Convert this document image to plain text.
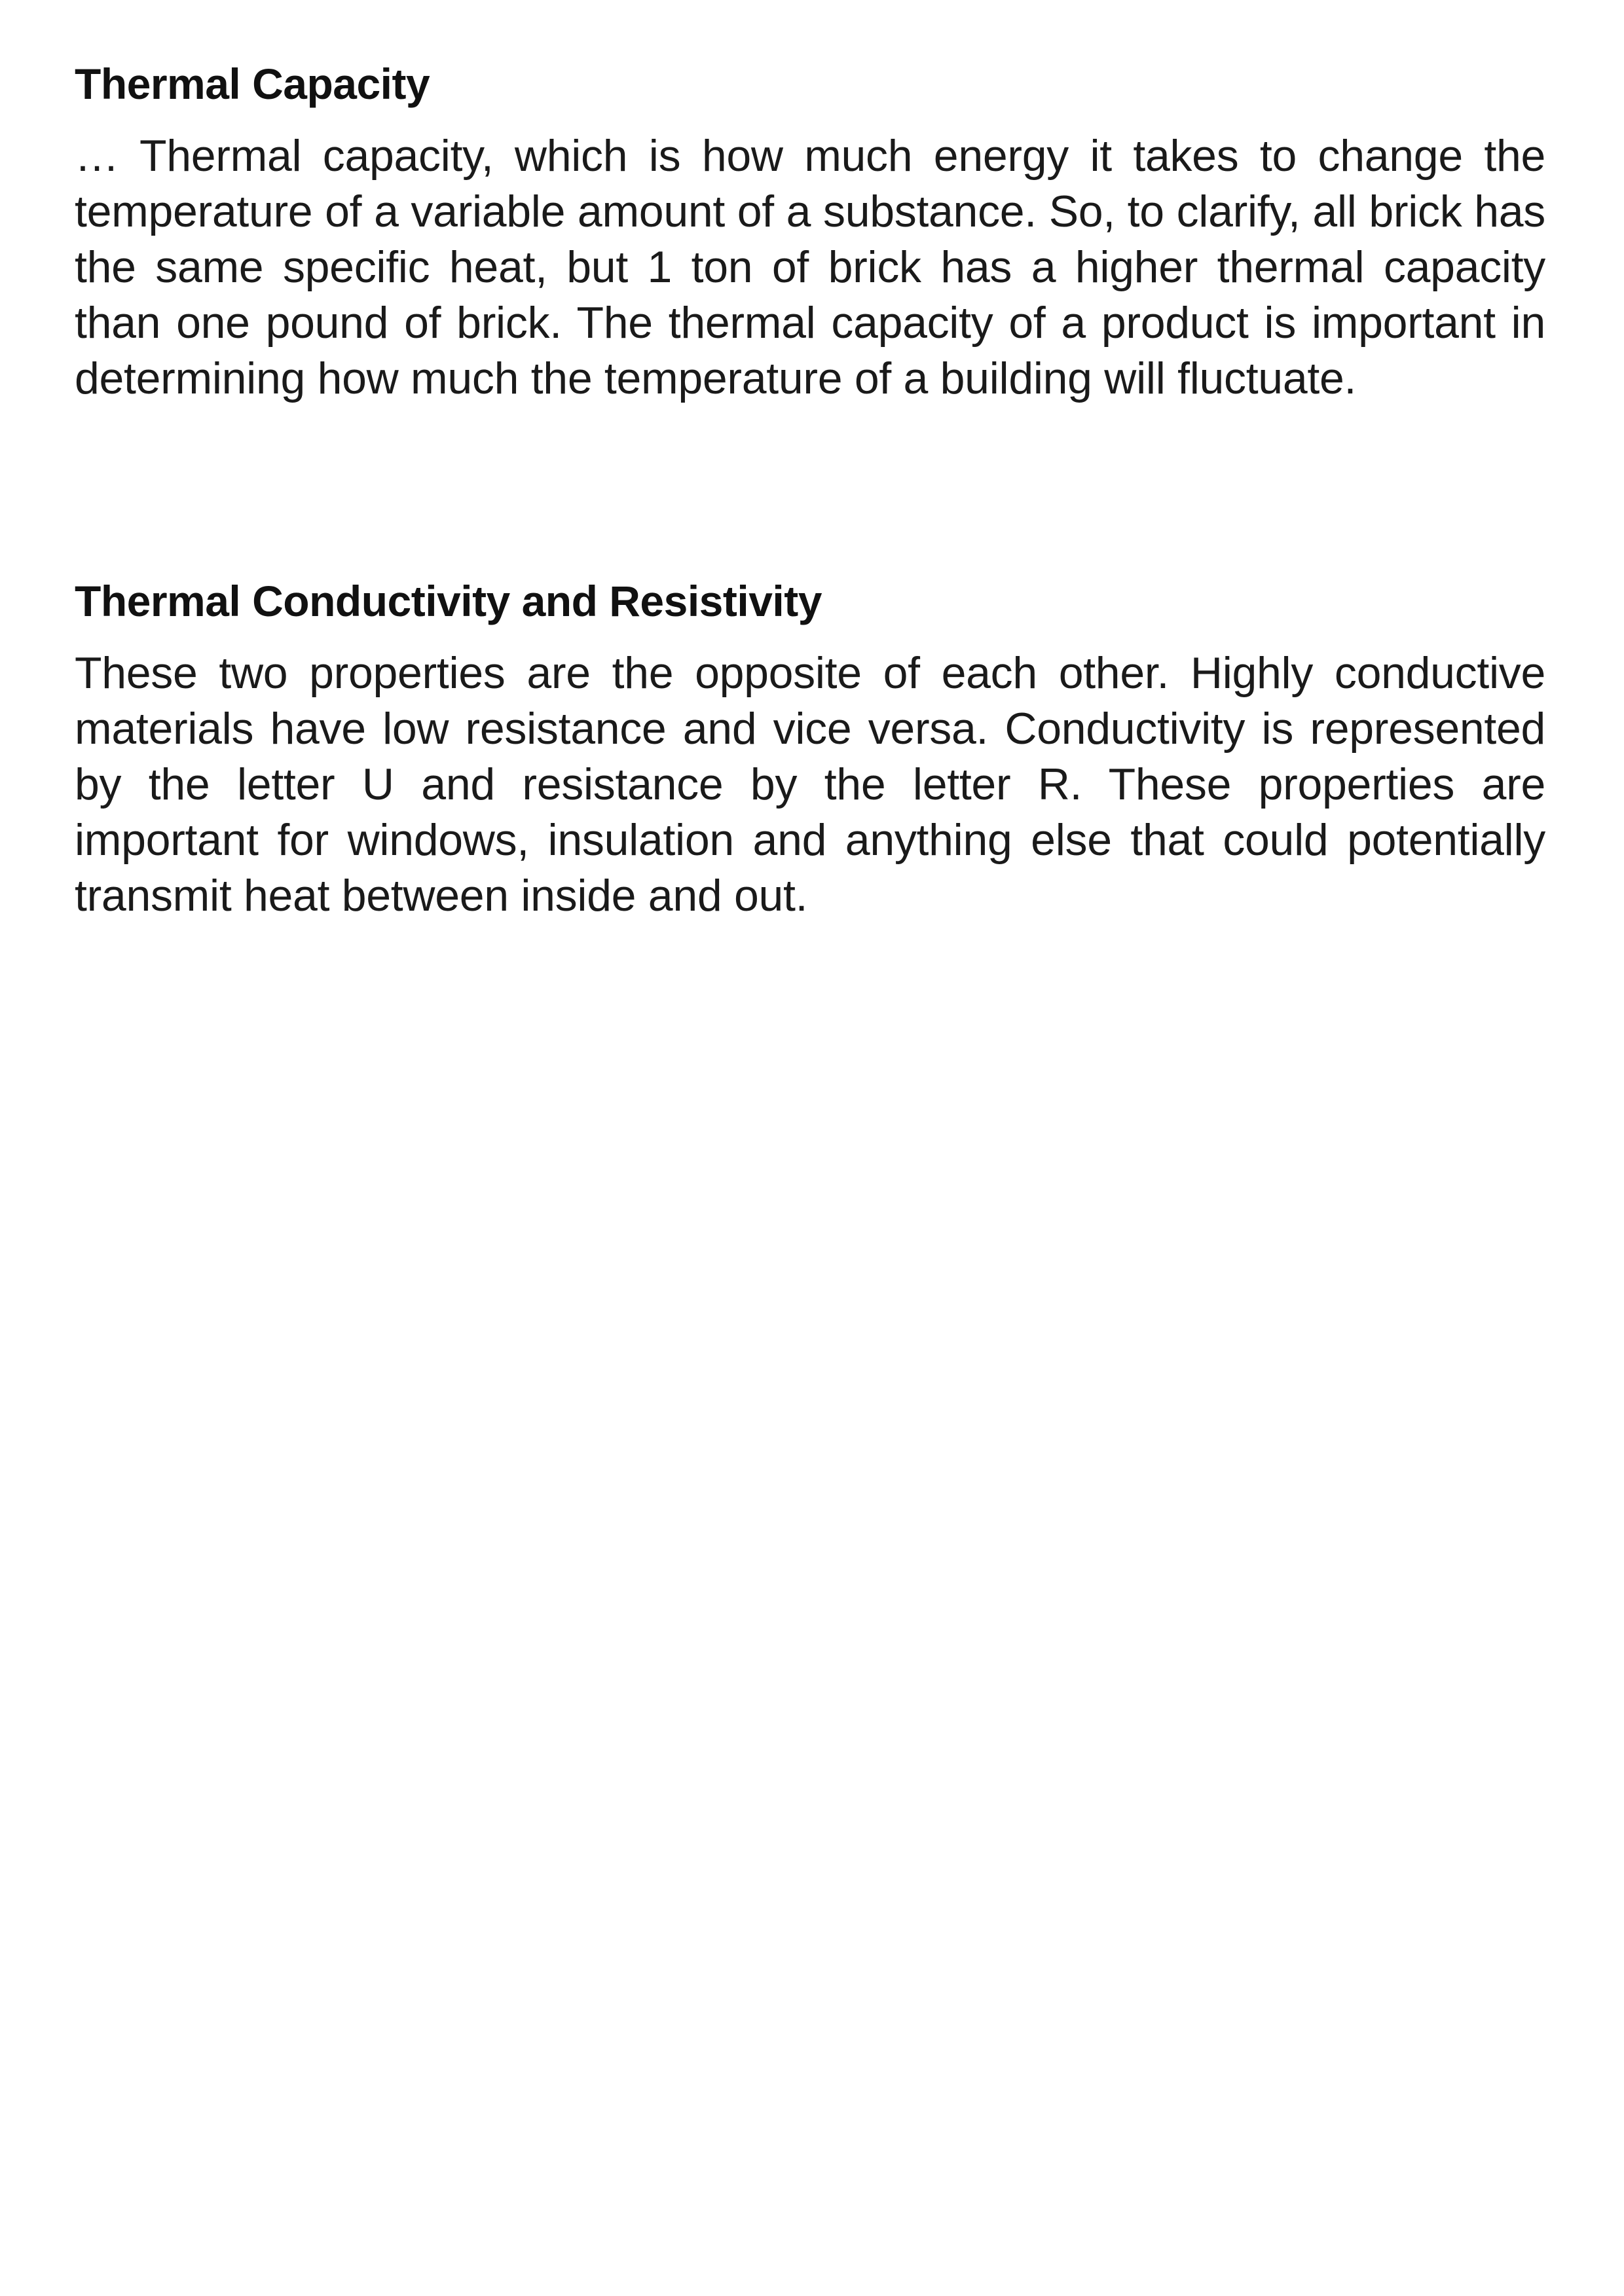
Thermal Capacity

… Thermal capacity, which is how much energy it takes to change the temperature of a variable amount of a substance. So, to clarify, all brick has the same specific heat, but 1 ton of brick has a higher thermal capacity than one pound of brick. The thermal capacity of a product is important in determining how much the temperature of a building will fluctuate.

Thermal Conductivity and Resistivity

These two properties are the opposite of each other. Highly conductive materials have low resistance and vice versa. Conductivity is represented by the letter U and resistance by the letter R. These properties are important for windows, insulation and anything else that could potentially transmit heat between inside and out.
